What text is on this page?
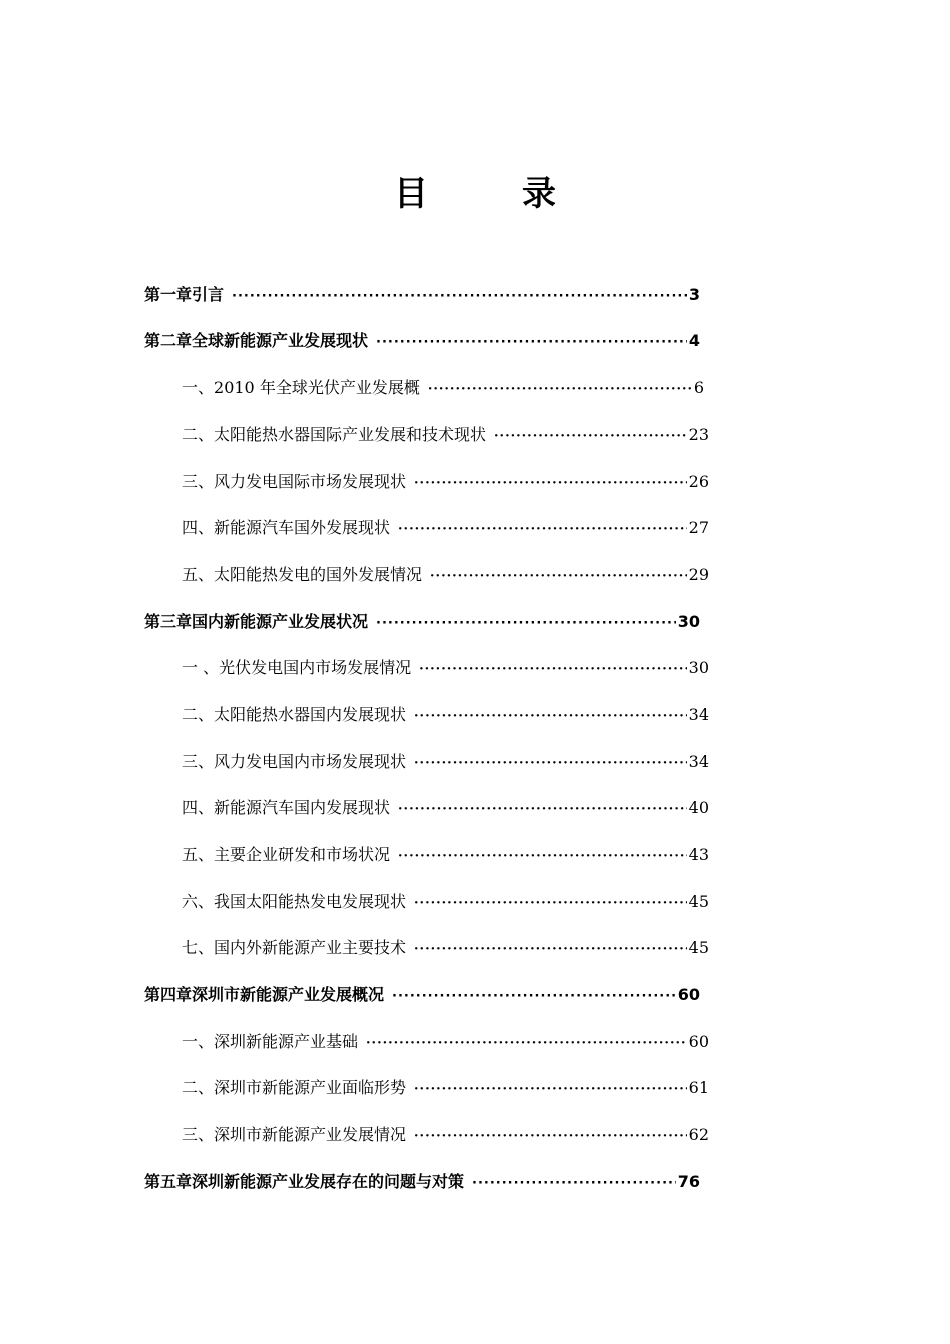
目　录
第一章 引言 ·····	3
第二章 全球新能源产业发展现状 ·····	4
一、 2010 年全球光伏产业发展概 ·····	6
二、 太阳能热水器国际产业发展和技术现状 ·····	23
三、 风力发电国际市场发展现状 ·····	26
四、 新能源汽车国外发展现状 ·····	27
五、 太阳能热发电的国外发展情况 ·····	29
第三章 国内新能源产业发展状况 ·····	30
一 、 光伏发电国内市场发展情况 ·····	30
二、 太阳能热水器国内发展现状 ·····	34
三、 风力发电国内市场发展现状 ·····	34
四、 新能源汽车国内发展现状 ·····	40
五、 主要企业研发和市场状况 ·····	43
六、 我国太阳能热发电发展现状 ·····	45
七、 国内外新能源产业主要技术 ·····	45
第四章 深圳市新能源产业发展概况 ·····	60
一、 深圳新能源产业基础 ·····	60
二、 深圳市新能源产业面临形势 ·····	61
三、 深圳市新能源产业发展情况 ·····	62
第五章 深圳新能源产业发展存在的问题与对策 ·····	76
